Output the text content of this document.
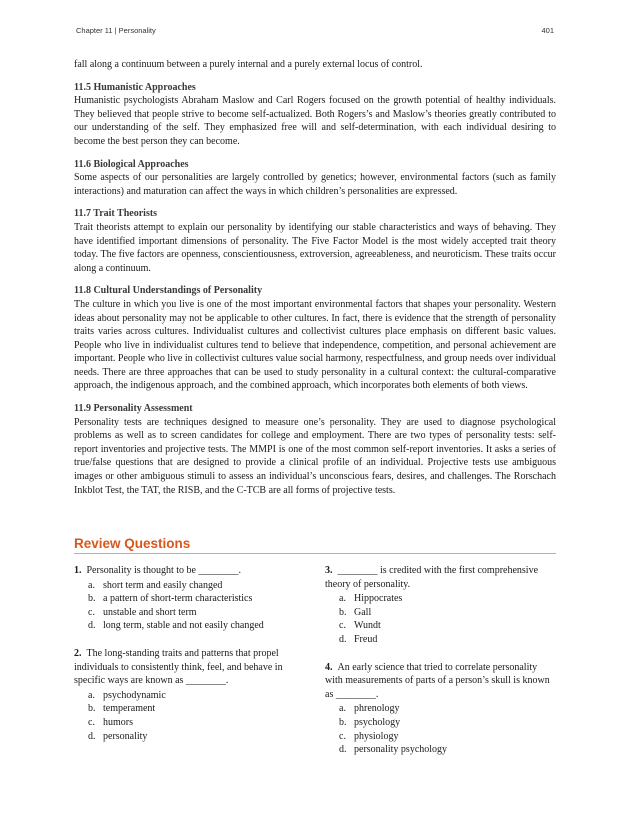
Chapter 11 | Personality	401

fall along a continuum between a purely internal and a purely external locus of control.

11.5 Humanistic Approaches

Humanistic psychologists Abraham Maslow and Carl Rogers focused on the growth potential of healthy individuals. They believed that people strive to become self-actualized. Both Rogers’s and Maslow’s theories greatly contributed to our understanding of the self. They emphasized free will and self-determination, with each individual desiring to become the best person they can become.

11.6 Biological Approaches

Some aspects of our personalities are largely controlled by genetics; however, environmental factors (such as family interactions) and maturation can affect the ways in which children’s personalities are expressed.

11.7 Trait Theorists

Trait theorists attempt to explain our personality by identifying our stable characteristics and ways of behaving. They have identified important dimensions of personality. The Five Factor Model is the most widely accepted trait theory today. The five factors are openness, conscientiousness, extroversion, agreeableness, and neuroticism. These traits occur along a continuum.

11.8 Cultural Understandings of Personality

The culture in which you live is one of the most important environmental factors that shapes your personality. Western ideas about personality may not be applicable to other cultures. In fact, there is evidence that the strength of personality traits varies across cultures. Individualist cultures and collectivist cultures place emphasis on different basic values. People who live in individualist cultures tend to believe that independence, competition, and personal achievement are important. People who live in collectivist cultures value social harmony, respectfulness, and group needs over individual needs. There are three approaches that can be used to study personality in a cultural context: the cultural-comparative approach, the indigenous approach, and the combined approach, which incorporates both elements of both views.

11.9 Personality Assessment

Personality tests are techniques designed to measure one’s personality. They are used to diagnose psychological problems as well as to screen candidates for college and employment. There are two types of personality tests: self-report inventories and projective tests. The MMPI is one of the most common self-report inventories. It asks a series of true/false questions that are designed to provide a clinical profile of an individual. Projective tests use ambiguous images or other ambiguous stimuli to assess an individual’s unconscious fears, desires, and challenges. The Rorschach Inkblot Test, the TAT, the RISB, and the C-TCB are all forms of projective tests.

Review Questions

1. Personality is thought to be ________.

a. short term and easily changed
b. a pattern of short-term characteristics
c. unstable and short term
d. long term, stable and not easily changed

2. The long-standing traits and patterns that propel individuals to consistently think, feel, and behave in specific ways are known as ________.

a. psychodynamic
b. temperament
c. humors
d. personality

3. ________ is credited with the first comprehensive theory of personality.

a. Hippocrates
b. Gall
c. Wundt
d. Freud

4. An early science that tried to correlate personality with measurements of parts of a person’s skull is known as ________.

a. phrenology
b. psychology
c. physiology
d. personality psychology
